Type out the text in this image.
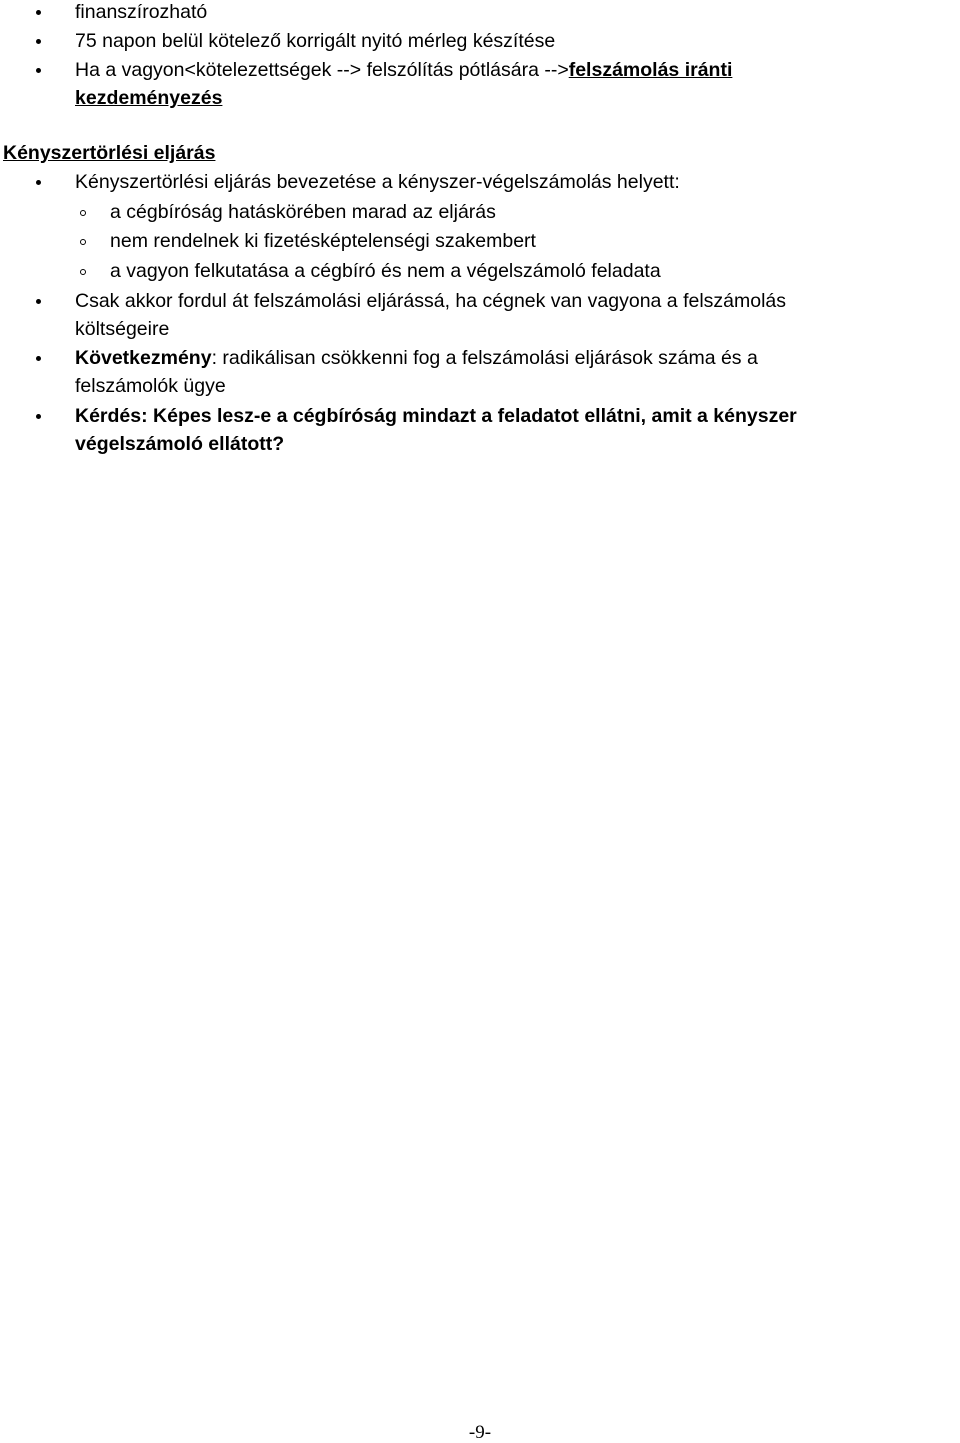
finanszírozható
75 napon belül kötelező korrigált nyitó mérleg készítése
Ha a vagyon<kötelezettségek --> felszólítás pótlására -->felszámolás iránti
kezdeményezés
Kényszertörlési eljárás
Kényszertörlési eljárás bevezetése a kényszer-végelszámolás helyett:
a cégbíróság hatáskörében marad az eljárás
nem rendelnek ki fizetésképtelenségi szakembert
a vagyon felkutatása a cégbíró és nem a végelszámoló feladata
Csak akkor fordul át felszámolási eljárássá, ha cégnek van vagyona a felszámolás
költségeire
Következmény: radikálisan csökkenni fog a felszámolási eljárások száma és a
felszámolók ügye
Kérdés: Képes lesz-e a cégbíróság mindazt a feladatot ellátni, amit a kényszer
végelszámoló ellátott?
-9-
